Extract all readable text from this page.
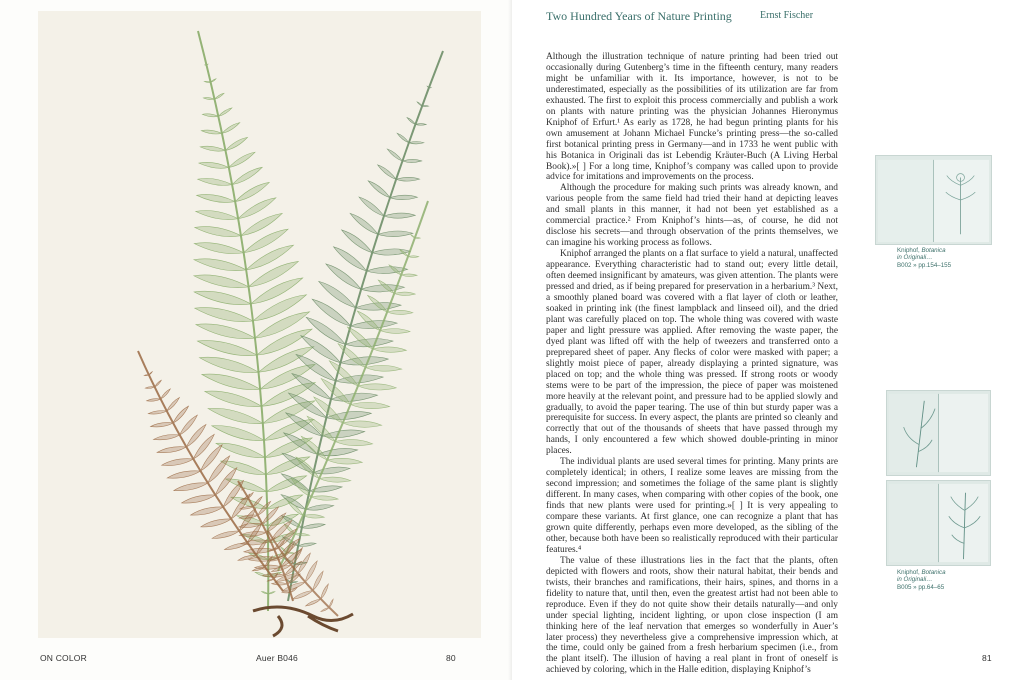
ON COLOR	Auer B046	80
Two Hundred Years of Nature Printing	Ernst Fischer

Although the illustration technique of nature printing had been tried out occasionally during Gutenberg’s time in the fifteenth century, many readers might be unfamiliar with it. Its importance, however, is not to be underestimated, especially as the possibilities of its utilization are far from exhausted. The first to exploit this process commercially and publish a work on plants with nature printing was the physician Johannes Hieronymus Kniphof of Erfurt.¹ As early as 1728, he had begun printing plants for his own amusement at Johann Michael Funcke’s printing press—the so-called first botanical printing press in Germany—and in 1733 he went public with his Botanica in Originali das ist Lebendig Kräuter-Buch (A Living Herbal Book).»[ ] For a long time, Kniphof’s company was called upon to provide advice for imitations and improvements on the process.

Although the procedure for making such prints was already known, and various people from the same field had tried their hand at depicting leaves and small plants in this manner, it had not been yet established as a commercial practice.² From Kniphof’s hints—as, of course, he did not disclose his secrets—and through observation of the prints themselves, we can imagine his working process as follows.

Kniphof arranged the plants on a flat surface to yield a natural, unaffected appearance. Everything characteristic had to stand out; every little detail, often deemed insignificant by amateurs, was given attention. The plants were pressed and dried, as if being prepared for preservation in a herbarium.³ Next, a smoothly planed board was covered with a flat layer of cloth or leather, soaked in printing ink (the finest lampblack and linseed oil), and the dried plant was carefully placed on top. The whole thing was covered with waste paper and light pressure was applied. After removing the waste paper, the dyed plant was lifted off with the help of tweezers and transferred onto a preprepared sheet of paper. Any flecks of color were masked with paper; a slightly moist piece of paper, already displaying a printed signature, was placed on top; and the whole thing was pressed. If strong roots or woody stems were to be part of the impression, the piece of paper was moistened more heavily at the relevant point, and pressure had to be applied slowly and gradually, to avoid the paper tearing. The use of thin but sturdy paper was a prerequisite for success. In every aspect, the plants are printed so cleanly and correctly that out of the thousands of sheets that have passed through my hands, I only encountered a few which showed double-printing in minor places.

The individual plants are used several times for printing. Many prints are completely identical; in others, I realize some leaves are missing from the second impression; and sometimes the foliage of the same plant is slightly different. In many cases, when comparing with other copies of the book, one finds that new plants were used for printing.»[ ] It is very appealing to compare these variants. At first glance, one can recognize a plant that has grown quite differently, perhaps even more developed, as the sibling of the other, because both have been so realistically reproduced with their particular features.⁴

The value of these illustrations lies in the fact that the plants, often depicted with flowers and roots, show their natural habitat, their bends and twists, their branches and ramifications, their hairs, spines, and thorns in a fidelity to nature that, until then, even the greatest artist had not been able to reproduce. Even if they do not quite show their details naturally—and only under special lighting, incident lighting, or upon close inspection (I am thinking here of the leaf nervation that emerges so wonderfully in Auer’s later process) they nevertheless give a comprehensive impression which, at the time, could only be gained from a fresh herbarium specimen (i.e., from the plant itself). The illusion of having a real plant in front of oneself is achieved by coloring, which in the Halle edition, displaying Kniphof’s

Kniphof, Botanica
in Originali…
B002 » pp.154–155
Kniphof, Botanica
in Originali…
B005 » pp.64–65
81
